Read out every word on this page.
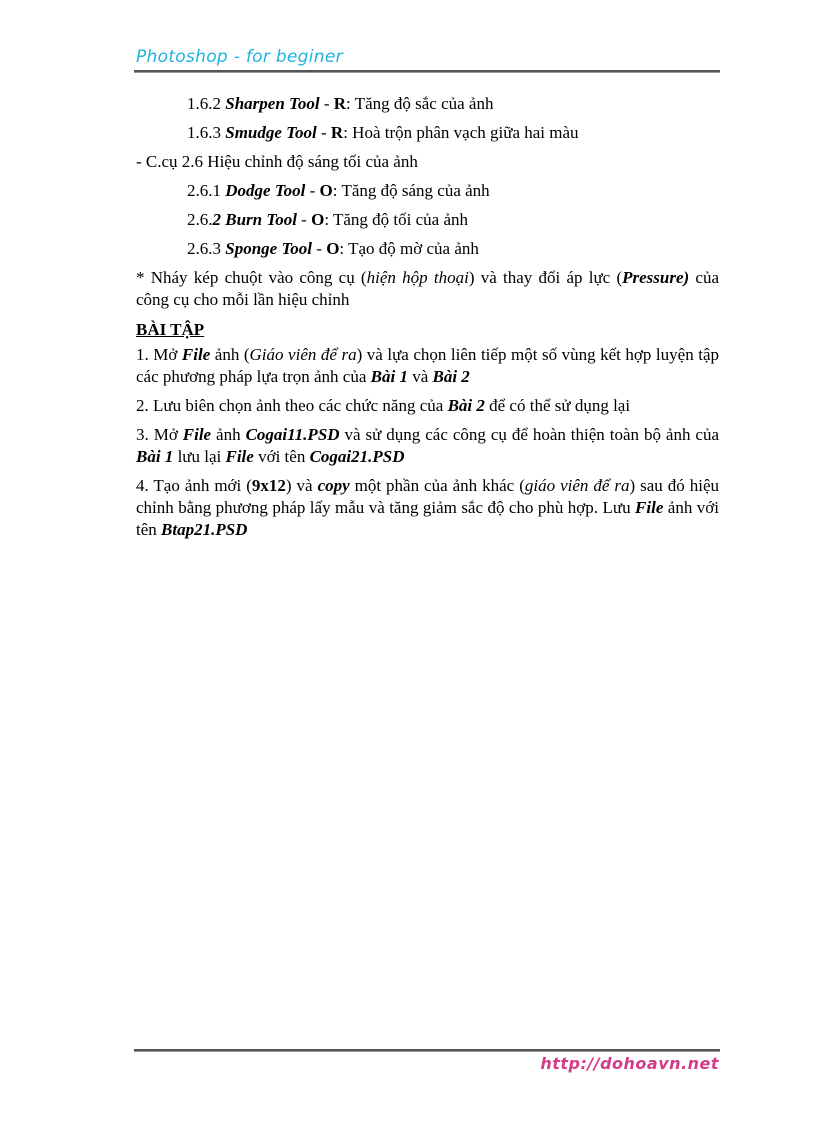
Photoshop - for beginer
1.6.2 Sharpen Tool - R: Tăng độ sắc của ảnh
1.6.3 Smudge Tool - R: Hoà trộn phân vạch giữa hai màu
- C.cụ 2.6 Hiệu chỉnh độ sáng tối của ảnh
2.6.1 Dodge Tool - O: Tăng độ sáng của ảnh
2.6.2 Burn Tool - O: Tăng độ tối của ảnh
2.6.3 Sponge Tool - O: Tạo độ mờ của ảnh
* Nháy kép chuột vào công cụ (hiện hộp thoại) và thay đổi áp lực (Pressure) của công cụ cho mỗi lần hiệu chỉnh
BÀI TẬP
1. Mở File ảnh (Giáo viên để ra) và lựa chọn liên tiếp một số vùng kết hợp luyện tập các phương pháp lựa trọn ảnh của Bài 1 và Bài 2
2. Lưu biên chọn ảnh theo các chức năng của Bài 2 để có thể sử dụng lại
3. Mở File ảnh Cogai11.PSD và sử dụng các công cụ để hoàn thiện toàn bộ ảnh của Bài 1 lưu lại File với tên Cogai21.PSD
4. Tạo ảnh mới (9x12) và copy một phần của ảnh khác (giáo viên để ra) sau đó hiệu chỉnh bằng phương pháp lấy mẫu và tăng giảm sắc độ cho phù hợp. Lưu File ảnh với tên Btap21.PSD
http://dohoavn.net
